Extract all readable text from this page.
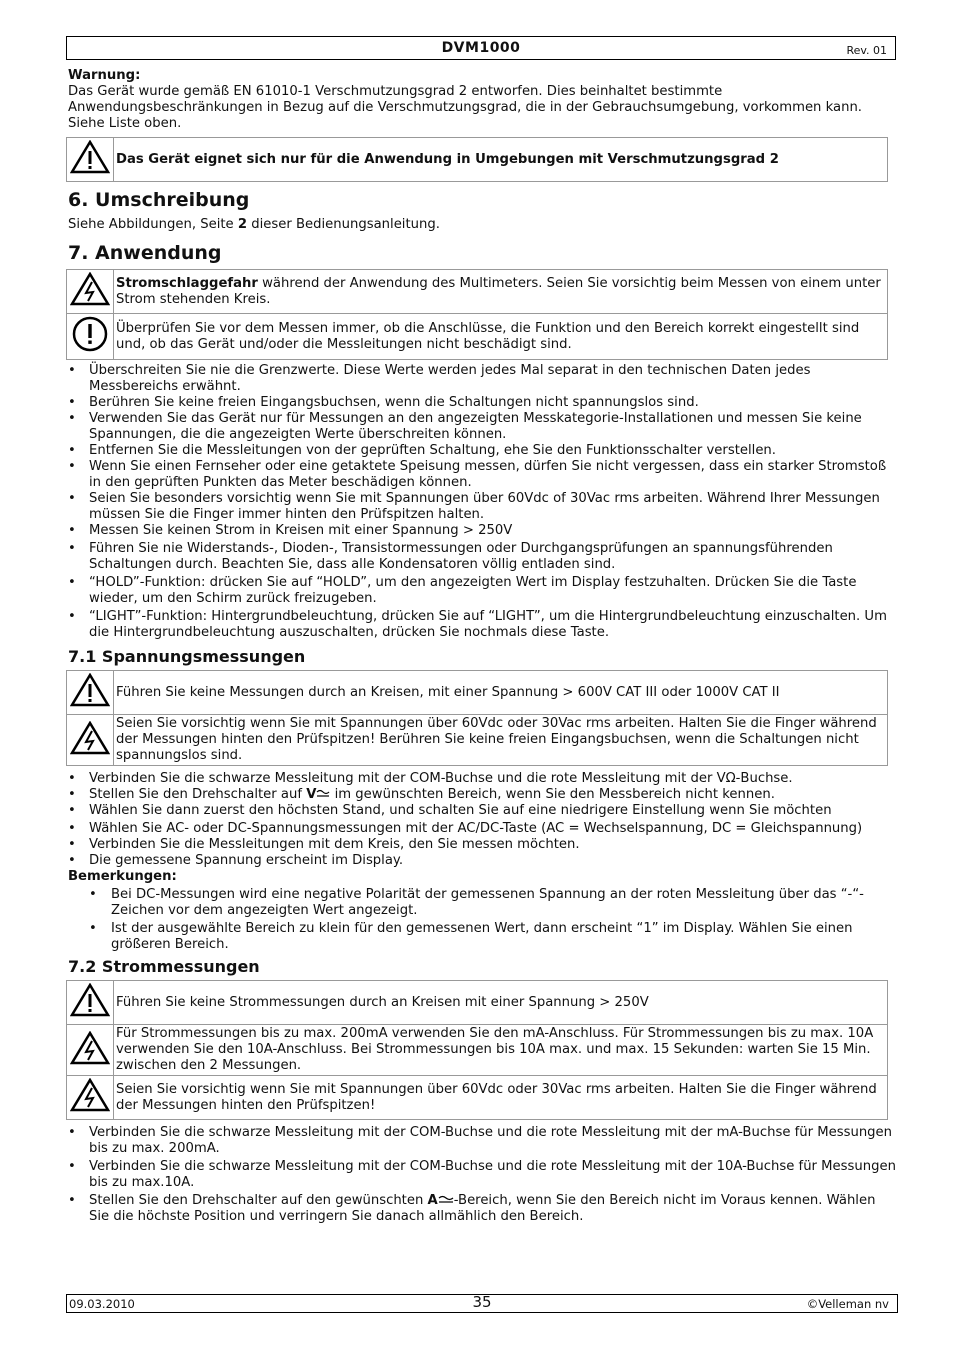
DVM1000	Rev. 01

Warnung:

Das Gerät wurde gemäß EN 61010-1 Verschmutzungsgrad 2 entworfen. Dies beinhaltet bestimmte Anwendungsbeschränkungen in Bezug auf die Verschmutzungsgrad, die in der Gebrauchsumgebung, vorkommen kann. Siehe Liste oben.

	Das Gerät eignet sich nur für die Anwendung in Umgebungen mit Verschmutzungsgrad 2
6. Umschreibung

Siehe Abbildungen, Seite 2 dieser Bedienungsanleitung.

7. Anwendung
	Stromschlaggefahr während der Anwendung des Multimeters. Seien Sie vorsichtig beim Messen von einem unter Strom stehenden Kreis.
	Überprüfen Sie vor dem Messen immer, ob die Anschlüsse, die Funktion und den Bereich korrekt eingestellt sind und, ob das Gerät und/oder die Messleitungen nicht beschädigt sind.
• Überschreiten Sie nie die Grenzwerte. Diese Werte werden jedes Mal separat in den technischen Daten jedes Messbereichs erwähnt.
• Berühren Sie keine freien Eingangsbuchsen, wenn die Schaltungen nicht spannungslos sind.
• Verwenden Sie das Gerät nur für Messungen an den angezeigten Messkategorie-Installationen und messen Sie keine Spannungen, die die angezeigten Werte überschreiten können.
• Entfernen Sie die Messleitungen von der geprüften Schaltung, ehe Sie den Funktionsschalter verstellen.
• Wenn Sie einen Fernseher oder eine getaktete Speisung messen, dürfen Sie nicht vergessen, dass ein starker Stromstoß in den geprüften Punkten das Meter beschädigen können.
• Seien Sie besonders vorsichtig wenn Sie mit Spannungen über 60Vdc of 30Vac rms arbeiten. Während Ihrer Messungen müssen Sie die Finger immer hinten den Prüfspitzen halten.
• Messen Sie keinen Strom in Kreisen mit einer Spannung > 250V
• Führen Sie nie Widerstands-, Dioden-, Transistormessungen oder Durchgangsprüfungen an spannungsführenden Schaltungen durch. Beachten Sie, dass alle Kondensatoren völlig entladen sind.
• “HOLD”-Funktion: drücken Sie auf “HOLD”, um den angezeigten Wert im Display festzuhalten. Drücken Sie die Taste wieder, um den Schirm zurück freizugeben.
• “LIGHT”-Funktion: Hintergrundbeleuchtung, drücken Sie auf “LIGHT”, um die Hintergrundbeleuchtung einzuschalten. Um die Hintergrundbeleuchtung auszuschalten, drücken Sie nochmals diese Taste.
7.1 Spannungsmessungen
	Führen Sie keine Messungen durch an Kreisen, mit einer Spannung > 600V CAT III oder 1000V CAT II
	Seien Sie vorsichtig wenn Sie mit Spannungen über 60Vdc oder 30Vac rms arbeiten. Halten Sie die Finger während der Messungen hinten den Prüfspitzen! Berühren Sie keine freien Eingangsbuchsen, wenn die Schaltungen nicht spannungslos sind.
• Verbinden Sie die schwarze Messleitung mit der COM-Buchse und die rote Messleitung mit der VΩ-Buchse.
• Stellen Sie den Drehschalter auf V im gewünschten Bereich, wenn Sie den Messbereich nicht kennen.
• Wählen Sie dann zuerst den höchsten Stand, und schalten Sie auf eine niedrigere Einstellung wenn Sie möchten
• Wählen Sie AC- oder DC-Spannungsmessungen mit der AC/DC-Taste (AC = Wechselspannung, DC = Gleichspannung)
• Verbinden Sie die Messleitungen mit dem Kreis, den Sie messen möchten.
• Die gemessene Spannung erscheint im Display.

Bemerkungen:

• Bei DC-Messungen wird eine negative Polarität der gemessenen Spannung an der roten Messleitung über das “-“-Zeichen vor dem angezeigten Wert angezeigt.
• Ist der ausgewählte Bereich zu klein für den gemessenen Wert, dann erscheint “1” im Display. Wählen Sie einen größeren Bereich.
7.2 Strommessungen
	Führen Sie keine Strommessungen durch an Kreisen mit einer Spannung > 250V
	Für Strommessungen bis zu max. 200mA verwenden Sie den mA-Anschluss. Für Strommessungen bis zu max. 10A verwenden Sie den 10A-Anschluss. Bei Strommessungen bis 10A max. und max. 15 Sekunden: warten Sie 15 Min. zwischen den 2 Messungen.
	Seien Sie vorsichtig wenn Sie mit Spannungen über 60Vdc oder 30Vac rms arbeiten. Halten Sie die Finger während der Messungen hinten den Prüfspitzen!
• Verbinden Sie die schwarze Messleitung mit der COM-Buchse und die rote Messleitung mit der mA-Buchse für Messungen bis zu max. 200mA.
• Verbinden Sie die schwarze Messleitung mit der COM-Buchse und die rote Messleitung mit der 10A-Buchse für Messungen bis zu max.10A.
• Stellen Sie den Drehschalter auf den gewünschten A -Bereich, wenn Sie den Bereich nicht im Voraus kennen. Wählen Sie die höchste Position und verringern Sie danach allmählich den Bereich.
09.03.2010	35	©Velleman nv
